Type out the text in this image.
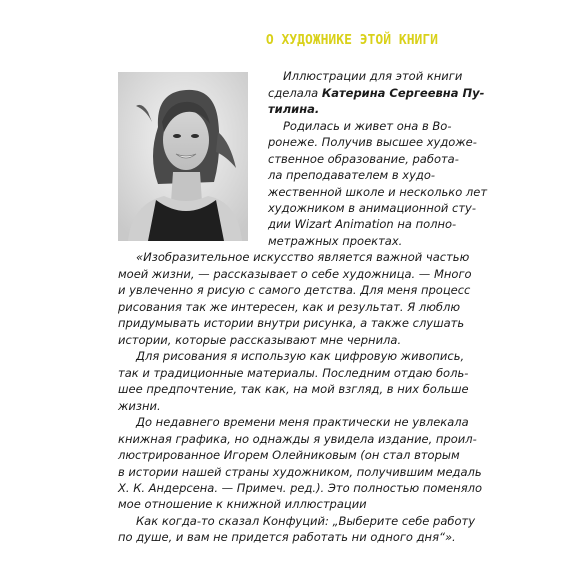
О ХУДОЖНИКЕ ЭТОЙ КНИГИ
Иллюстрации для этой книги
сделала Катерина Сергеевна Пу-
тилина.
Родилась и живет она в Во-
ронеже. Получив высшее художе-
ственное образование, работа-
ла преподавателем в худо-
жественной школе и несколько лет
художником в анимационной сту-
дии Wizart Animation на полно-
метражных проектах.
«Изобразительное искусство является важной частью
моей жизни, — рассказывает о себе художница. — Много
и увлеченно я рисую с самого детства. Для меня процесс
рисования так же интересен, как и результат. Я люблю
придумывать истории внутри рисунка, а также слушать
истории, которые рассказывают мне чернила.
Для рисования я использую как цифровую живопись,
так и традиционные материалы. Последним отдаю боль-
шее предпочтение, так как, на мой взгляд, в них больше
жизни.
До недавнего времени меня практически не увлекала
книжная графика, но однажды я увидела издание, проил-
люстрированное Игорем Олейниковым (он стал вторым
в истории нашей страны художником, получившим медаль
Х. К. Андерсена. — Примеч. ред.). Это полностью поменяло
мое отношение к книжной иллюстрации
Как когда-то сказал Конфуций: „Выберите себе работу
по душе, и вам не придется работать ни одного дня“».
